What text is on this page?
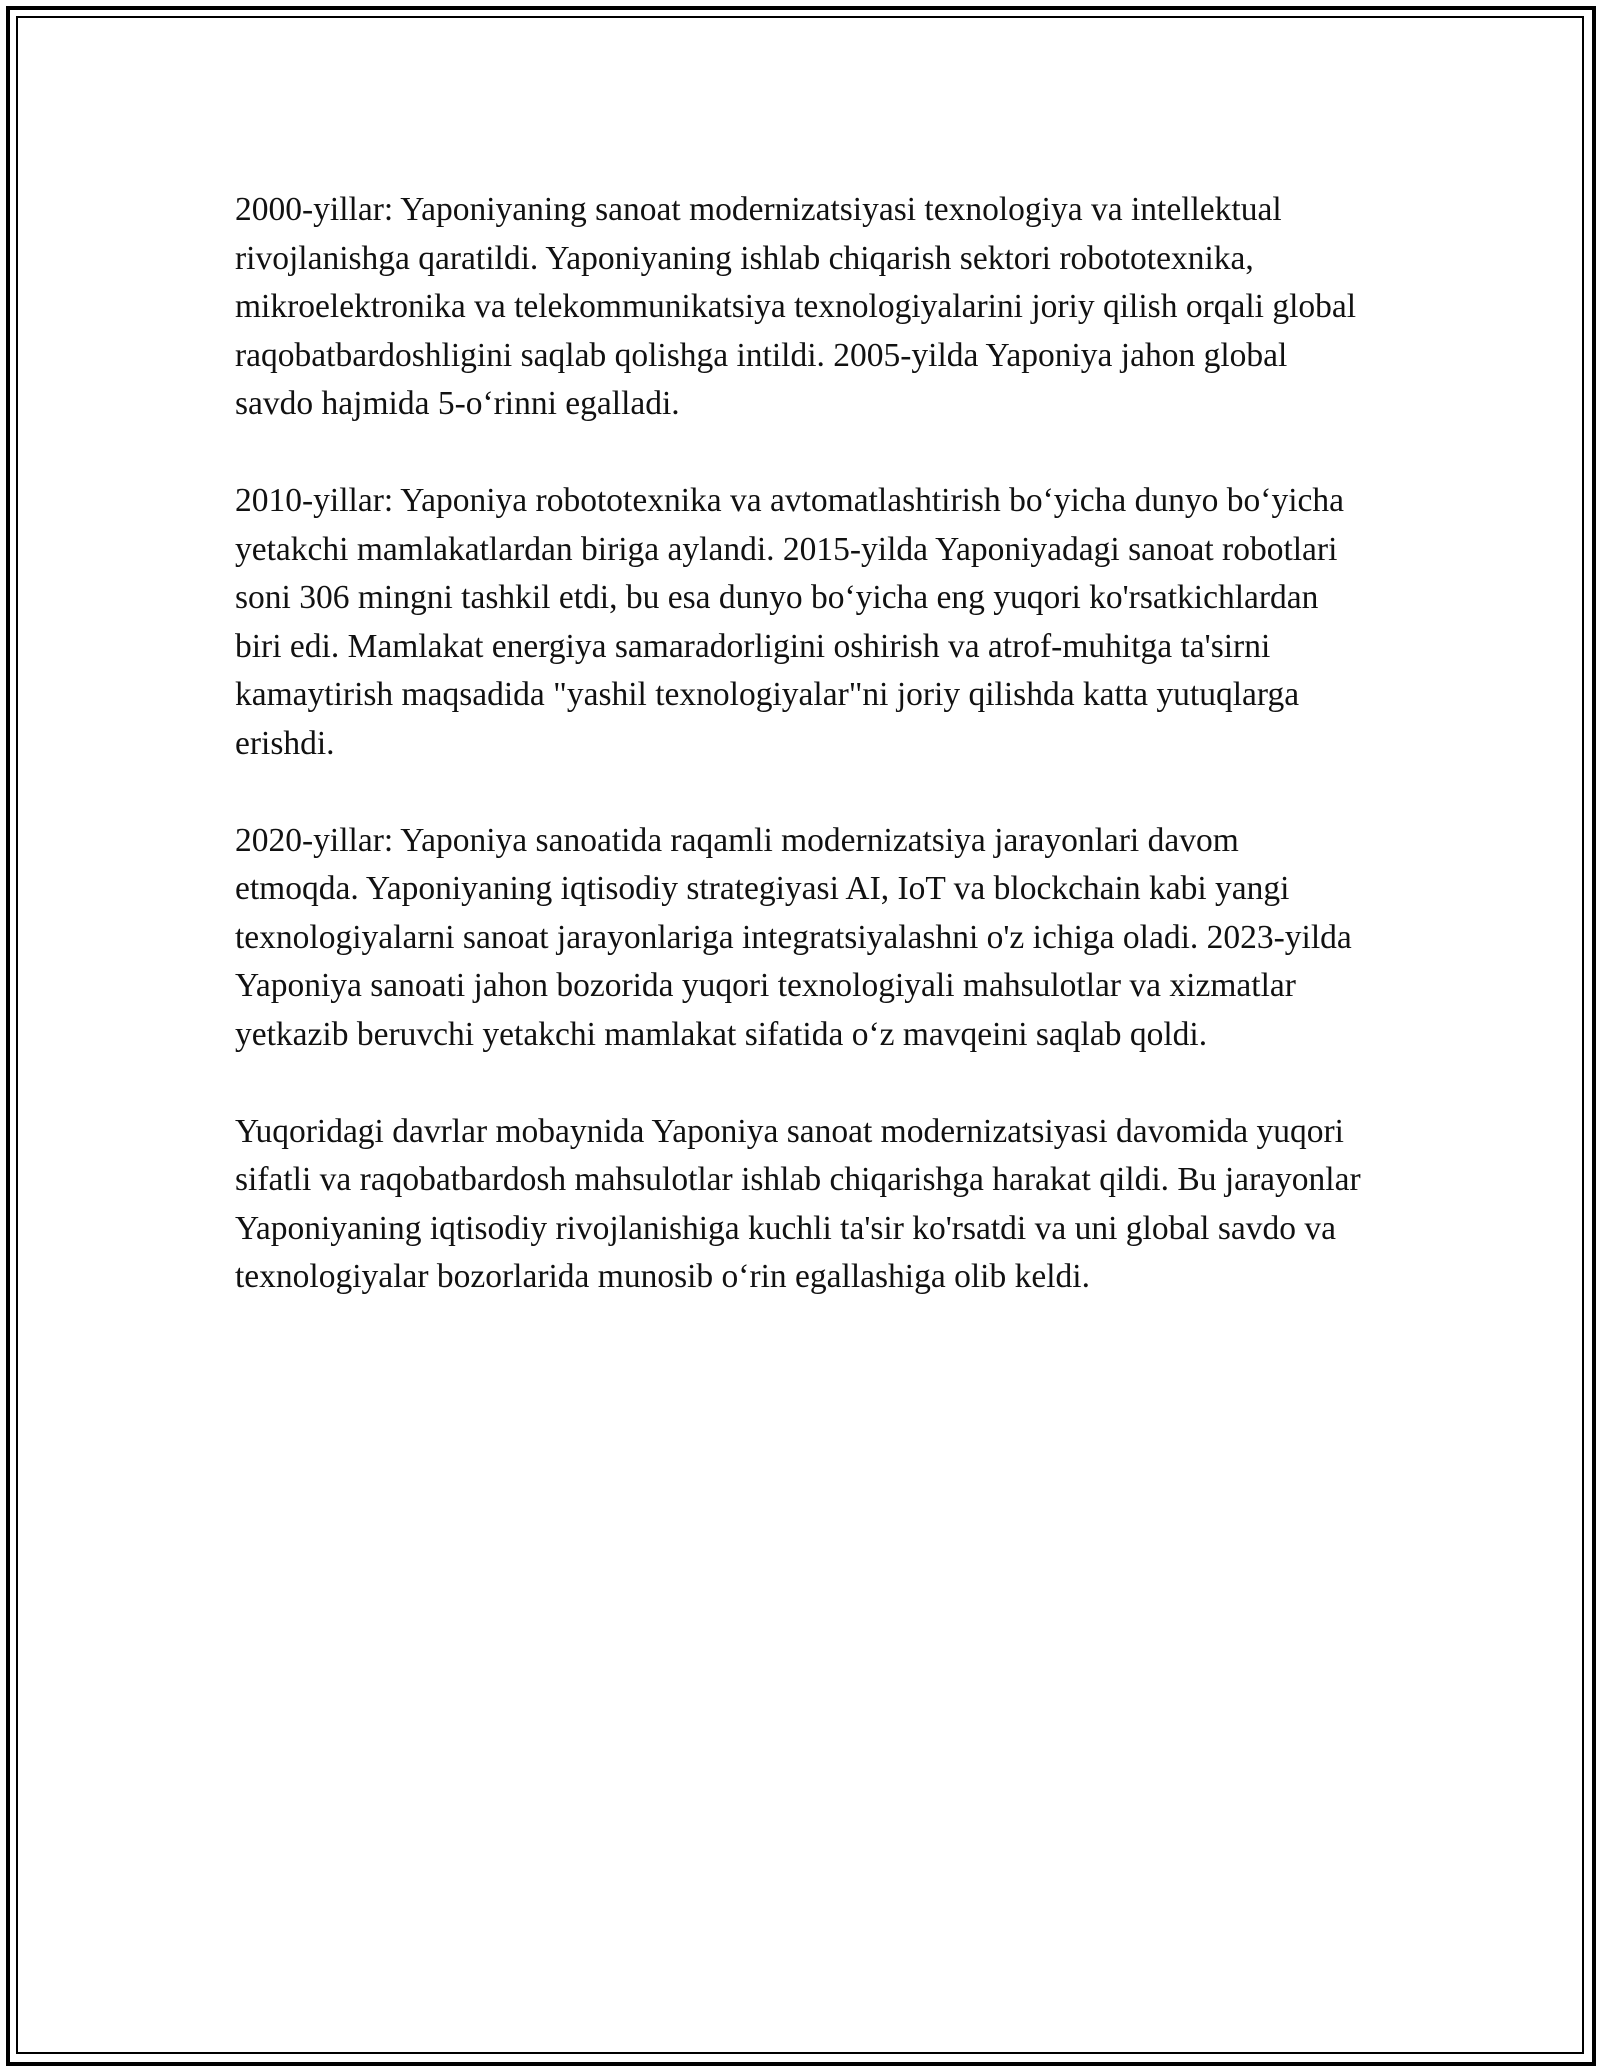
2000-yillar: Yaponiyaning sanoat modernizatsiyasi texnologiya va intellektual rivojlanishga qaratildi. Yaponiyaning ishlab chiqarish sektori robototexnika, mikroelektronika va telekommunikatsiya texnologiyalarini joriy qilish orqali global raqobatbardoshligini saqlab qolishga intildi. 2005-yilda Yaponiya jahon global savdo hajmida 5-o‘rinni egalladi.

2010-yillar: Yaponiya robototexnika va avtomatlashtirish bo‘yicha dunyo bo‘yicha yetakchi mamlakatlardan biriga aylandi. 2015-yilda Yaponiyadagi sanoat robotlari soni 306 mingni tashkil etdi, bu esa dunyo bo‘yicha eng yuqori ko'rsatkichlardan biri edi. Mamlakat energiya samaradorligini oshirish va atrof-muhitga ta'sirni kamaytirish maqsadida "yashil texnologiyalar"ni joriy qilishda katta yutuqlarga erishdi.

2020-yillar: Yaponiya sanoatida raqamli modernizatsiya jarayonlari davom etmoqda. Yaponiyaning iqtisodiy strategiyasi AI, IoT va blockchain kabi yangi texnologiyalarni sanoat jarayonlariga integratsiyalashni o'z ichiga oladi. 2023-yilda Yaponiya sanoati jahon bozorida yuqori texnologiyali mahsulotlar va xizmatlar yetkazib beruvchi yetakchi mamlakat sifatida o‘z mavqeini saqlab qoldi.

Yuqoridagi davrlar mobaynida Yaponiya sanoat modernizatsiyasi davomida yuqori sifatli va raqobatbardosh mahsulotlar ishlab chiqarishga harakat qildi. Bu jarayonlar Yaponiyaning iqtisodiy rivojlanishiga kuchli ta'sir ko'rsatdi va uni global savdo va texnologiyalar bozorlarida munosib o‘rin egallashiga olib keldi.
